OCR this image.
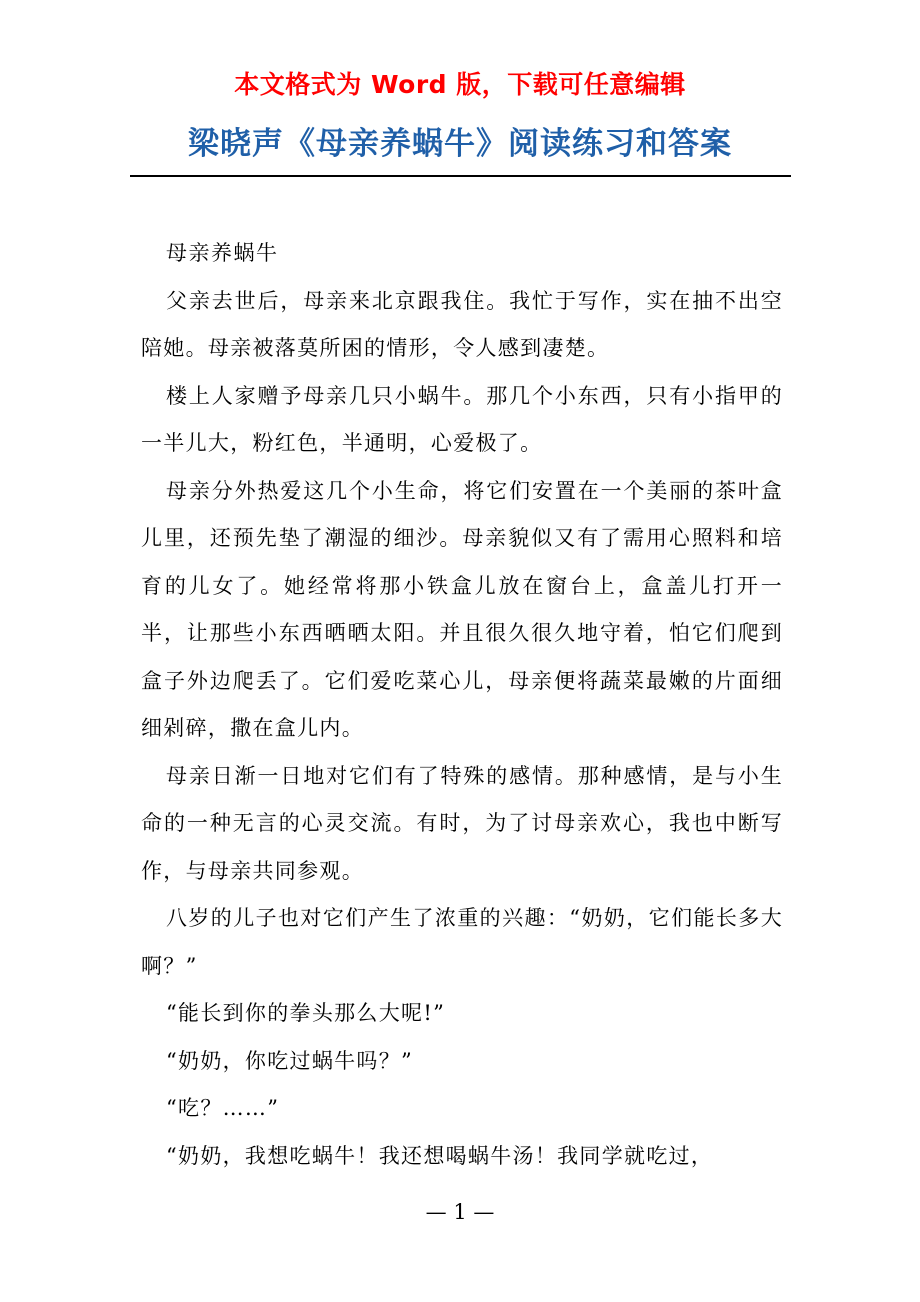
本文格式为 Word 版，下载可任意编辑
梁晓声《母亲养蜗牛》阅读练习和答案

母亲养蜗牛

父亲去世后，母亲来北京跟我住。我忙于写作，实在抽不出空陪她。母亲被落莫所困的情形，令人感到凄楚。

楼上人家赠予母亲几只小蜗牛。那几个小东西，只有小指甲的一半儿大，粉红色，半通明，心爱极了。

母亲分外热爱这几个小生命，将它们安置在一个美丽的茶叶盒儿里，还预先垫了潮湿的细沙。母亲貌似又有了需用心照料和培育的儿女了。她经常将那小铁盒儿放在窗台上，盒盖儿打开一半，让那些小东西晒晒太阳。并且很久很久地守着，怕它们爬到盒子外边爬丢了。它们爱吃菜心儿，母亲便将蔬菜最嫩的片面细细剁碎，撒在盒儿内。

母亲日渐一日地对它们有了特殊的感情。那种感情，是与小生命的一种无言的心灵交流。有时，为了讨母亲欢心，我也中断写作，与母亲共同参观。

八岁的儿子也对它们产生了浓重的兴趣：“奶奶，它们能长多大啊？”

“能长到你的拳头那么大呢!”

“奶奶，你吃过蜗牛吗？”

“吃？……”

“奶奶，我想吃蜗牛！我还想喝蜗牛汤！我同学就吃过，

— 1 —
